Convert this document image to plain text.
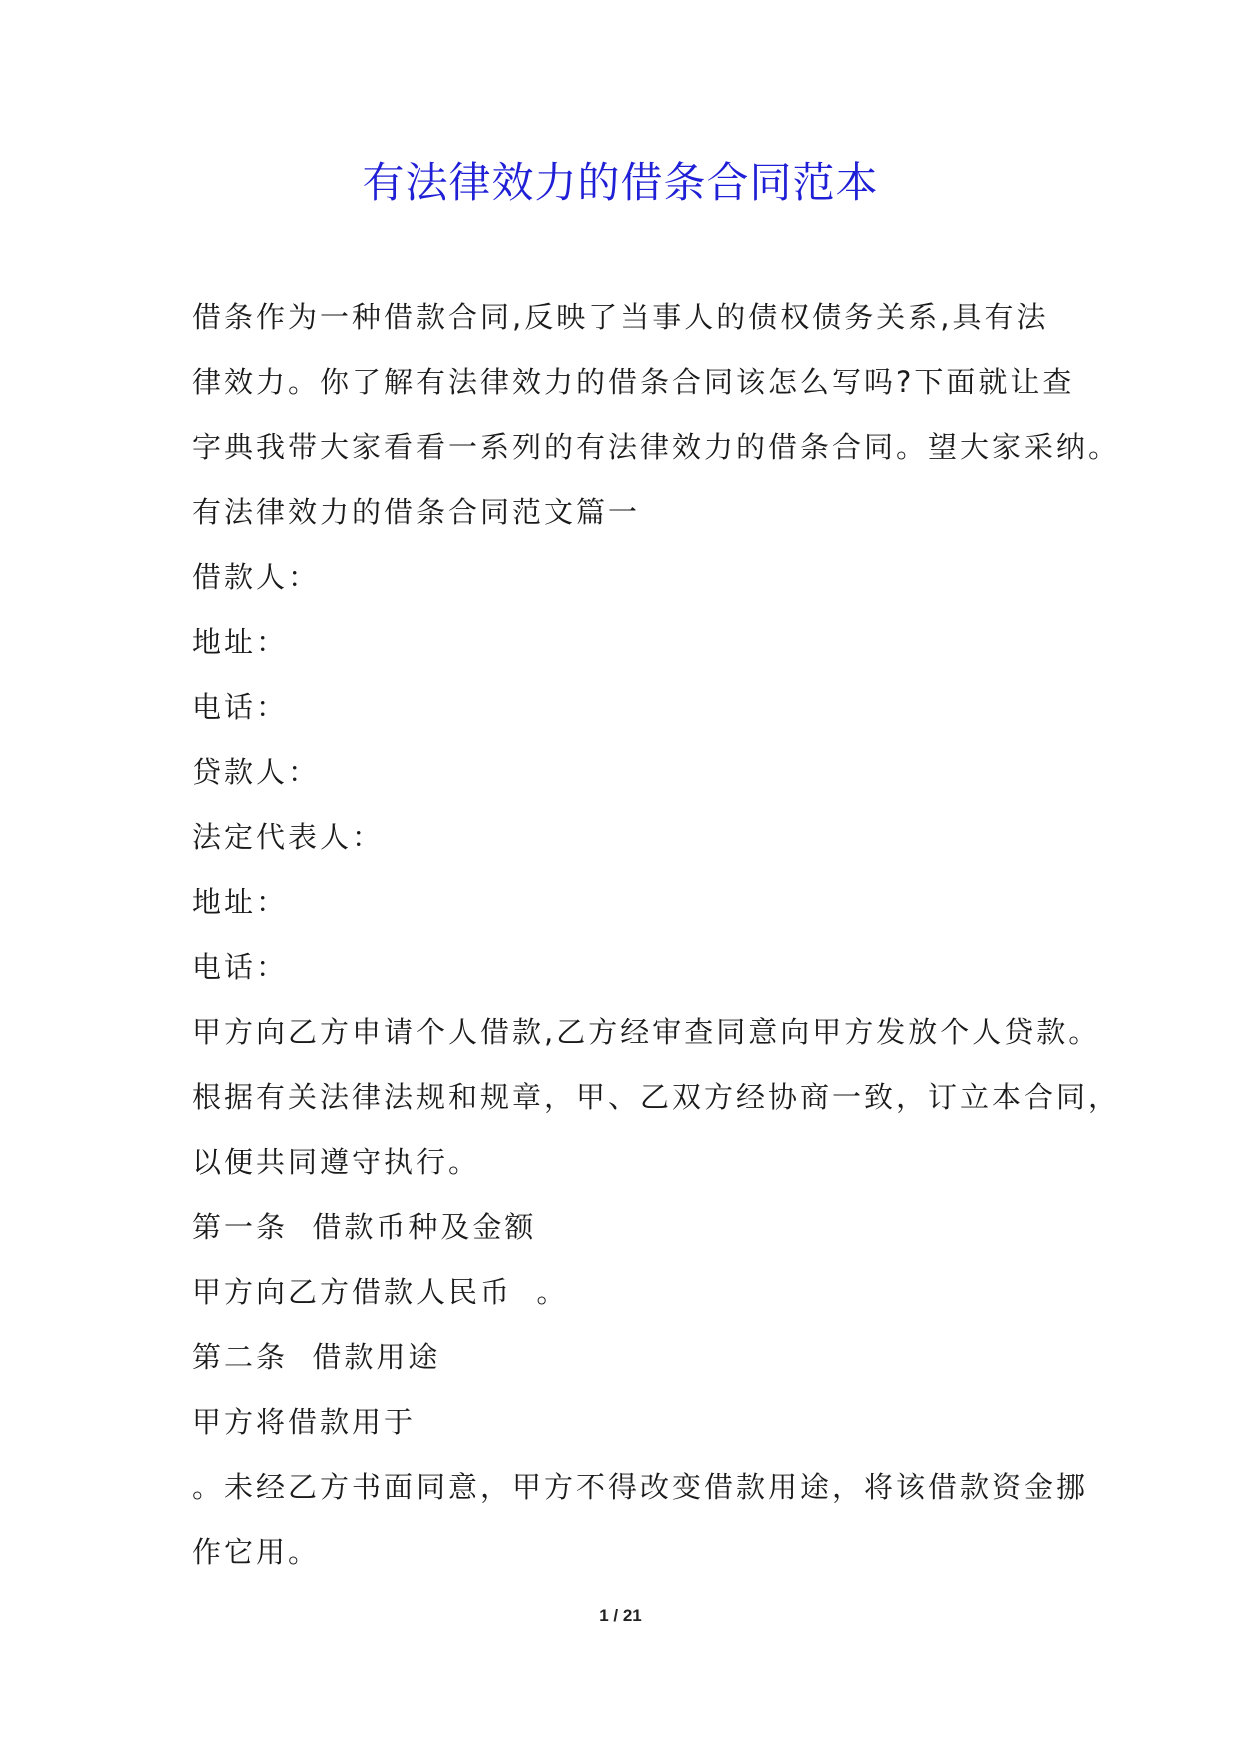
有法律效力的借条合同范本

借条作为一种借款合同,反映了当事人的债权债务关系,具有法

律效力。你了解有法律效力的借条合同该怎么写吗?下面就让查

字典我带大家看看一系列的有法律效力的借条合同。望大家采纳。

有法律效力的借条合同范文篇一

借款人：

地址：

电话：

贷款人：

法定代表人：

地址：

电话：

甲方向乙方申请个人借款,乙方经审查同意向甲方发放个人贷款。

根据有关法律法规和规章，甲、乙双方经协商一致，订立本合同，

以便共同遵守执行。

第一条  借款币种及金额

甲方向乙方借款人民币  。

第二条  借款用途

甲方将借款用于

。未经乙方书面同意，甲方不得改变借款用途，将该借款资金挪

作它用。

1 / 21
